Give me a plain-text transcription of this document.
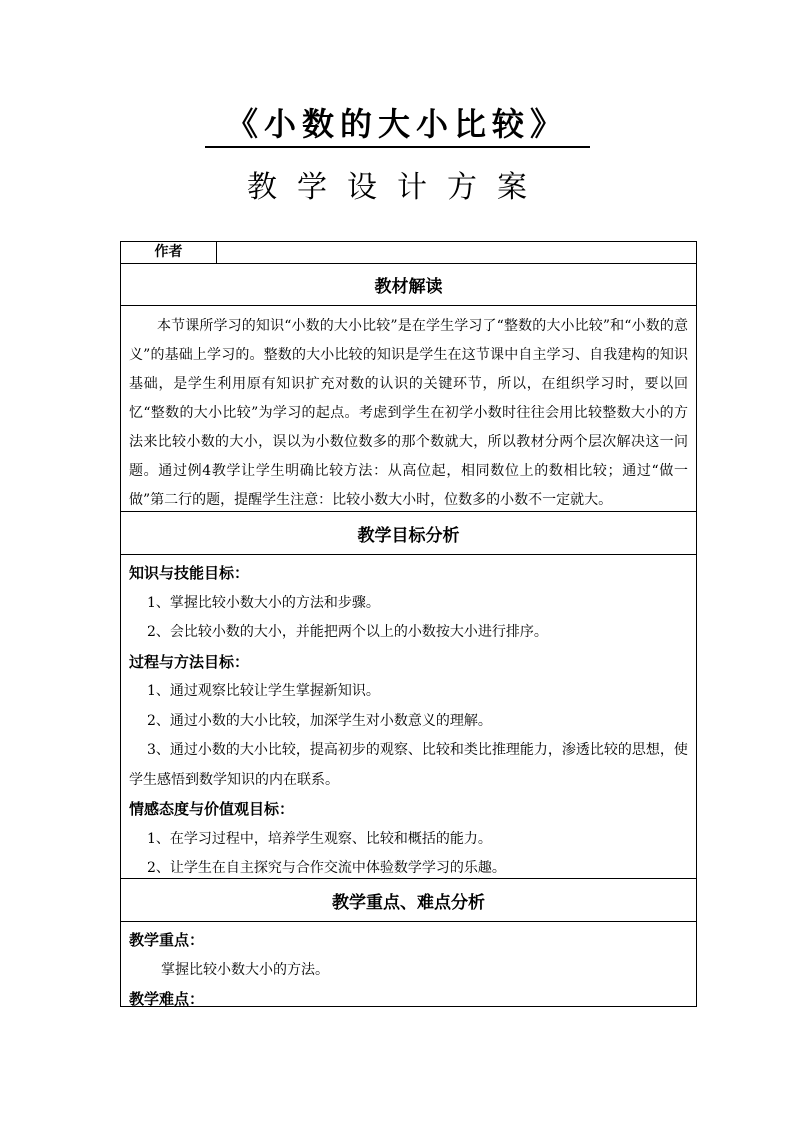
《小数的大小比较》
教学设计方案
作者
教材解读
本节课所学习的知识“小数的大小比较”是在学生学习了“整数的大小比较”和“小数的意义”的基础上学习的。整数的大小比较的知识是学生在这节课中自主学习、自我建构的知识基础，是学生利用原有知识扩充对数的认识的关键环节，所以，在组织学习时，要以回忆“整数的大小比较”为学习的起点。考虑到学生在初学小数时往往会用比较整数大小的方法来比较小数的大小，误以为小数位数多的那个数就大，所以教材分两个层次解决这一问题。通过例4教学让学生明确比较方法：从高位起，相同数位上的数相比较；通过“做一做”第二行的题，提醒学生注意：比较小数大小时，位数多的小数不一定就大。
教学目标分析
知识与技能目标：
1、掌握比较小数大小的方法和步骤。
2、会比较小数的大小，并能把两个以上的小数按大小进行排序。
过程与方法目标：
1、通过观察比较让学生掌握新知识。
2、通过小数的大小比较，加深学生对小数意义的理解。
3、通过小数的大小比较，提高初步的观察、比较和类比推理能力，渗透比较的思想，使
学生感悟到数学知识的内在联系。
情感态度与价值观目标：
1、在学习过程中，培养学生观察、比较和概括的能力。
2、让学生在自主探究与合作交流中体验数学学习的乐趣。
教学重点、难点分析
教学重点：
掌握比较小数大小的方法。
教学难点：
